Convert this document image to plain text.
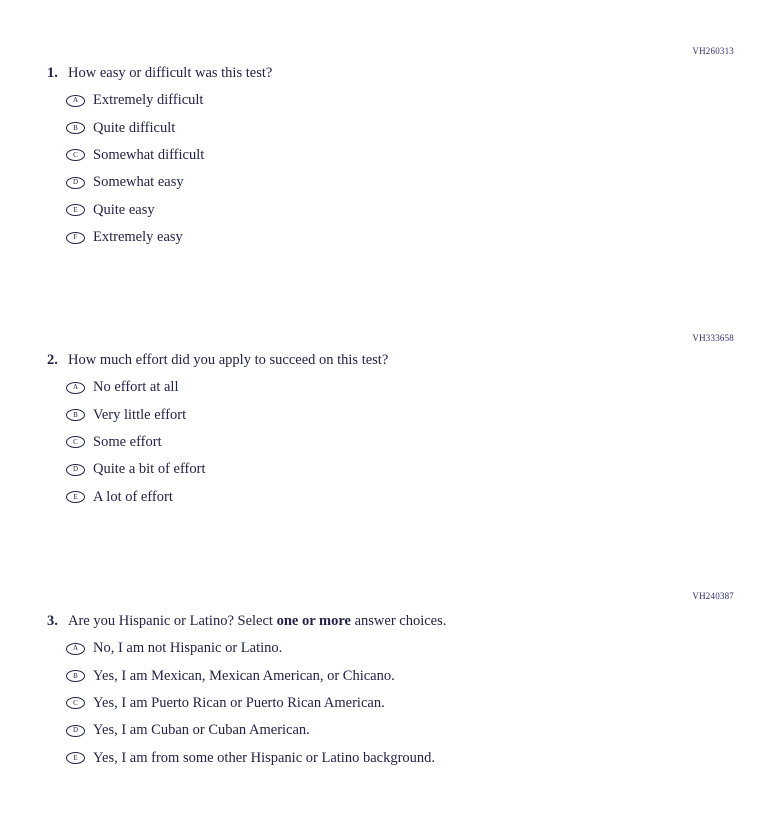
VH260313
1. How easy or difficult was this test?
A Extremely difficult
B Quite difficult
C Somewhat difficult
D Somewhat easy
E Quite easy
F Extremely easy
VH333658
2. How much effort did you apply to succeed on this test?
A No effort at all
B Very little effort
C Some effort
D Quite a bit of effort
E A lot of effort
VH240387
3. Are you Hispanic or Latino? Select one or more answer choices.
A No, I am not Hispanic or Latino.
B Yes, I am Mexican, Mexican American, or Chicano.
C Yes, I am Puerto Rican or Puerto Rican American.
D Yes, I am Cuban or Cuban American.
E Yes, I am from some other Hispanic or Latino background.
